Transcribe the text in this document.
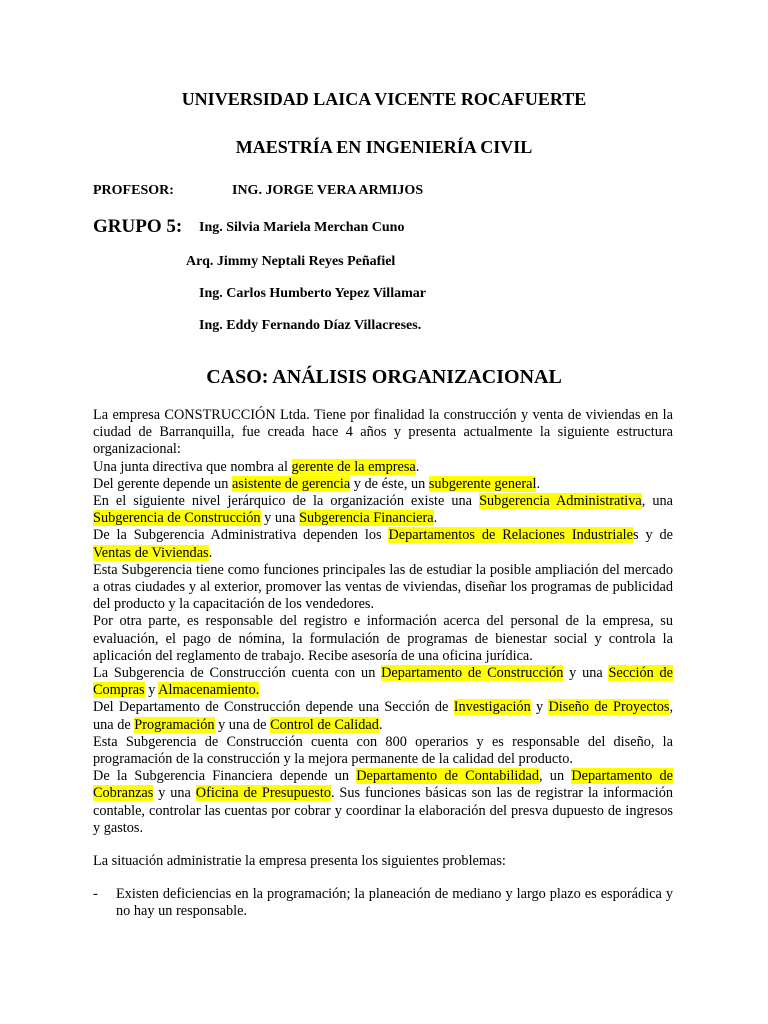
UNIVERSIDAD LAICA VICENTE ROCAFUERTE
MAESTRÍA EN INGENIERÍA CIVIL
PROFESOR:	ING. JORGE VERA ARMIJOS
GRUPO 5: Ing. Silvia Mariela Merchan Cuno
Arq. Jimmy Neptali Reyes Peñafiel
Ing. Carlos Humberto Yepez Villamar
Ing. Eddy Fernando Díaz Villacreses.
CASO: ANÁLISIS ORGANIZACIONAL

La empresa CONSTRUCCIÓN Ltda. Tiene por finalidad la construcción y venta de viviendas en la ciudad de Barranquilla, fue creada hace 4 años y presenta actualmente la siguiente estructura organizacional:

Una junta directiva que nombra al gerente de la empresa.

Del gerente depende un asistente de gerencia y de éste, un subgerente general.

En el siguiente nivel jerárquico de la organización existe una Subgerencia Administrativa, una Subgerencia de Construcción y una Subgerencia Financiera.

De la Subgerencia Administrativa dependen los Departamentos de Relaciones Industriales y de Ventas de Viviendas.

Esta Subgerencia tiene como funciones principales las de estudiar la posible ampliación del mercado a otras ciudades y al exterior, promover las ventas de viviendas, diseñar los programas de publicidad del producto y la capacitación de los vendedores.

Por otra parte, es responsable del registro e información acerca del personal de la empresa, su evaluación, el pago de nómina, la formulación de programas de bienestar social y controla la aplicación del reglamento de trabajo. Recibe asesoría de una oficina jurídica.

La Subgerencia de Construcción cuenta con un Departamento de Construcción y una Sección de Compras y Almacenamiento.

Del Departamento de Construcción depende una Sección de Investigación y Diseño de Proyectos, una de Programación y una de Control de Calidad.

Esta Subgerencia de Construcción cuenta con 800 operarios y es responsable del diseño, la programación de la construcción y la mejora permanente de la calidad del producto.

De la Subgerencia Financiera depende un Departamento de Contabilidad, un Departamento de Cobranzas y una Oficina de Presupuesto. Sus funciones básicas son las de registrar la información contable, controlar las cuentas por cobrar y coordinar la elaboración del presva dupuesto de ingresos y gastos.

La situación administratie la empresa presenta los siguientes problemas:

- Existen deficiencias en la programación; la planeación de mediano y largo plazo es esporádica y no hay un responsable.
